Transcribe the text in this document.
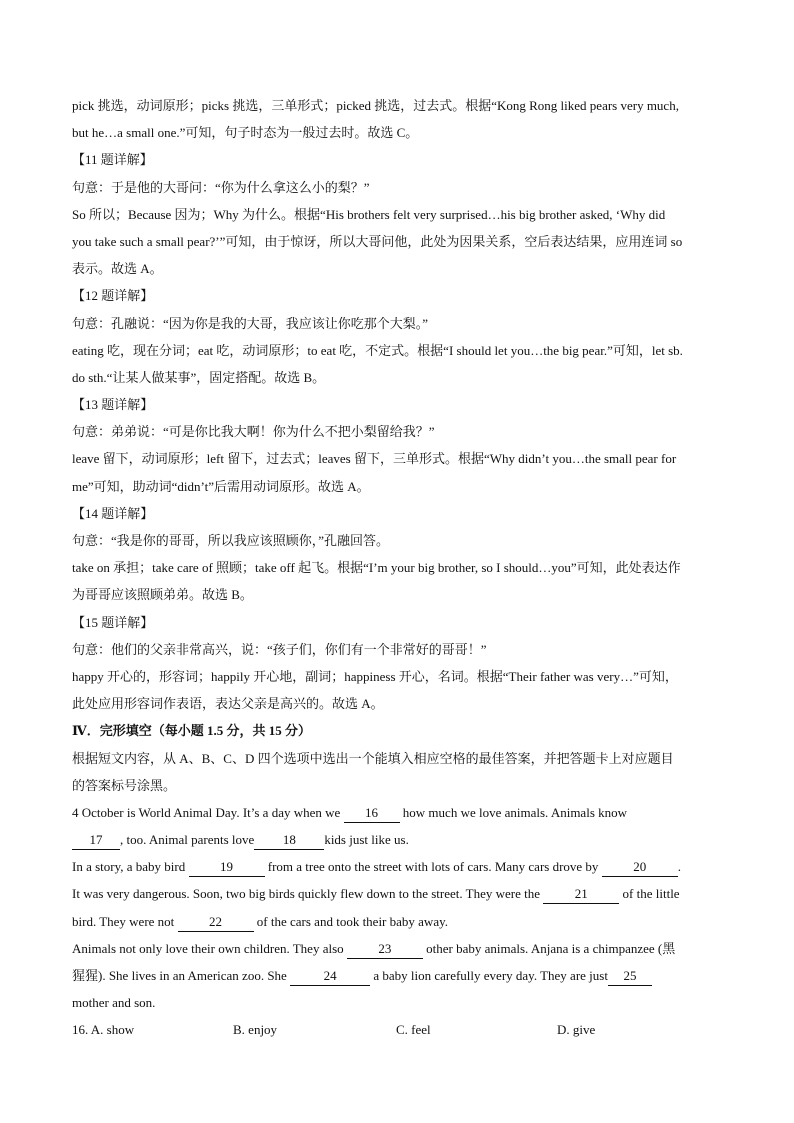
pick 挑选，动词原形；picks 挑选，三单形式；picked 挑选，过去式。根据“Kong Rong liked pears very much,
but he…a small one.”可知，句子时态为一般过去时。故选 C。
【11 题详解】
句意：于是他的大哥问：“你为什么拿这么小的梨？”
So 所以；Because 因为；Why 为什么。根据“His brothers felt very surprised…his big brother asked, ‘Why did
you take such a small pear?’”可知，由于惊讶，所以大哥问他，此处为因果关系，空后表达结果，应用连词 so
表示。故选 A。
【12 题详解】
句意：孔融说：“因为你是我的大哥，我应该让你吃那个大梨。”
eating 吃，现在分词；eat 吃，动词原形；to eat 吃，不定式。根据“I should let you…the big pear.”可知，let sb.
do sth.“让某人做某事”，固定搭配。故选 B。
【13 题详解】
句意：弟弟说：“可是你比我大啊！你为什么不把小梨留给我？”
leave 留下，动词原形；left 留下，过去式；leaves 留下，三单形式。根据“Why didn’t you…the small pear for
me”可知，助动词“didn’t”后需用动词原形。故选 A。
【14 题详解】
句意：“我是你的哥哥，所以我应该照顾你，”孔融回答。
take on 承担；take care of 照顾；take off 起飞。根据“I’m your big brother, so I should…you”可知，此处表达作
为哥哥应该照顾弟弟。故选 B。
【15 题详解】
句意：他们的父亲非常高兴，说：“孩子们，你们有一个非常好的哥哥！”
happy 开心的，形容词；happily 开心地，副词；happiness 开心，名词。根据“Their father was very…”可知，
此处应用形容词作表语，表达父亲是高兴的。故选 A。
Ⅳ．完形填空（每小题 1.5 分，共 15 分）
根据短文内容，从 A、B、C、D 四个选项中选出一个能填入相应空格的最佳答案，并把答题卡上对应题目
的答案标号涂黑。
4 October is World Animal Day. It’s a day when we 16 how much we love animals. Animals know
17 , too. Animal parents love 18 kids just like us.
In a story, a baby bird 19 from a tree onto the street with lots of cars. Many cars drove by 20 .
It was very dangerous. Soon, two big birds quickly flew down to the street. They were the 21 of the little
bird. They were not 22 of the cars and took their baby away.
Animals not only love their own children. They also 23 other baby animals. Anjana is a chimpanzee (黑
猩猩). She lives in an American zoo. She	24	a baby lion carefully every day. They are just 25
mother and son.
16. A. show	B. enjoy	C. feel	D. give
